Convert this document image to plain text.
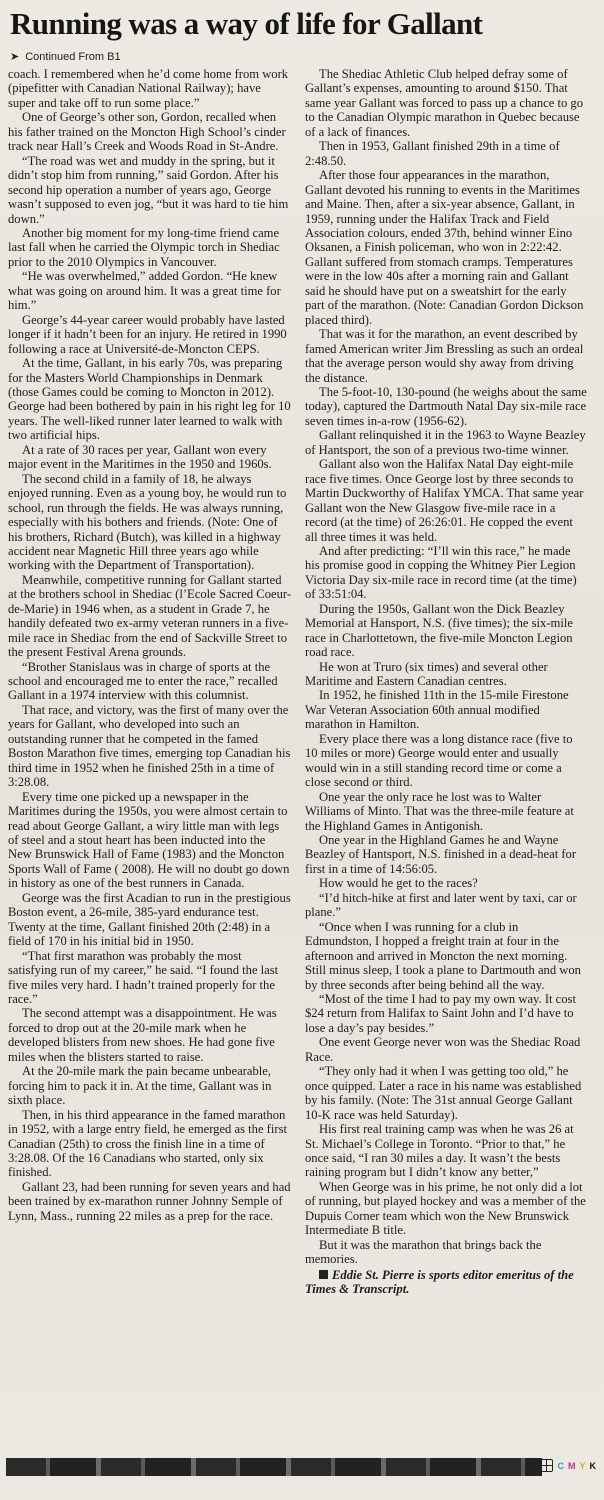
Running was a way of life for Gallant
➤ Continued From B1

coach. I remembered when he’d come home from work (pipefitter with Canadian National Railway); have super and take off to run some place.”

One of George’s other son, Gordon, recalled when his father trained on the Moncton High School’s cinder track near Hall’s Creek and Woods Road in St-Andre.

“The road was wet and muddy in the spring, but it didn’t stop him from running,” said Gordon. After his second hip operation a number of years ago, George wasn’t supposed to even jog, “but it was hard to tie him down.”

Another big moment for my long-time friend came last fall when he carried the Olympic torch in Shediac prior to the 2010 Olympics in Vancouver.

“He was overwhelmed,” added Gordon. “He knew what was going on around him. It was a great time for him.”

George’s 44-year career would probably have lasted longer if it hadn’t been for an injury. He retired in 1990 following a race at Université-de-Moncton CEPS.

At the time, Gallant, in his early 70s, was preparing for the Masters World Championships in Denmark (those Games could be coming to Moncton in 2012). George had been bothered by pain in his right leg for 10 years. The well-liked runner later learned to walk with two artificial hips.

At a rate of 30 races per year, Gallant won every major event in the Maritimes in the 1950 and 1960s.

The second child in a family of 18, he always enjoyed running. Even as a young boy, he would run to school, run through the fields. He was always running, especially with his bothers and friends. (Note: One of his brothers, Richard (Butch), was killed in a highway accident near Magnetic Hill three years ago while working with the Department of Transportation).

Meanwhile, competitive running for Gallant started at the brothers school in Shediac (l’Ecole Sacred Coeur-de-Marie) in 1946 when, as a student in Grade 7, he handily defeated two ex-army veteran runners in a five-mile race in Shediac from the end of Sackville Street to the present Festival Arena grounds.

“Brother Stanislaus was in charge of sports at the school and encouraged me to enter the race,” recalled Gallant in a 1974 interview with this columnist.

That race, and victory, was the first of many over the years for Gallant, who developed into such an outstanding runner that he competed in the famed Boston Marathon five times, emerging top Canadian his third time in 1952 when he finished 25th in a time of 3:28.08.

Every time one picked up a newspaper in the Maritimes during the 1950s, you were almost certain to read about George Gallant, a wiry little man with legs of steel and a stout heart has been inducted into the New Brunswick Hall of Fame (1983) and the Moncton Sports Wall of Fame ( 2008). He will no doubt go down in history as one of the best runners in Canada.

George was the first Acadian to run in the prestigious Boston event, a 26-mile, 385-yard endurance test. Twenty at the time, Gallant finished 20th (2:48) in a field of 170 in his initial bid in 1950.

“That first marathon was probably the most satisfying run of my career,” he said. “I found the last five miles very hard. I hadn’t trained properly for the race.”

The second attempt was a disappointment. He was forced to drop out at the 20-mile mark when he developed blisters from new shoes. He had gone five miles when the blisters started to raise.

At the 20-mile mark the pain became unbearable, forcing him to pack it in. At the time, Gallant was in sixth place.

Then, in his third appearance in the famed marathon in 1952, with a large entry field, he emerged as the first Canadian (25th) to cross the finish line in a time of 3:28.08. Of the 16 Canadians who started, only six finished.

Gallant 23, had been running for seven years and had been trained by ex-marathon runner Johnny Semple of Lynn, Mass., running 22 miles as a prep for the race.

The Shediac Athletic Club helped defray some of Gallant’s expenses, amounting to around $150. That same year Gallant was forced to pass up a chance to go to the Canadian Olympic marathon in Quebec because of a lack of finances.

Then in 1953, Gallant finished 29th in a time of 2:48.50.

After those four appearances in the marathon, Gallant devoted his running to events in the Maritimes and Maine. Then, after a six-year absence, Gallant, in 1959, running under the Halifax Track and Field Association colours, ended 37th, behind winner Eino Oksanen, a Finish policeman, who won in 2:22:42. Gallant suffered from stomach cramps. Temperatures were in the low 40s after a morning rain and Gallant said he should have put on a sweatshirt for the early part of the marathon. (Note: Canadian Gordon Dickson placed third).

That was it for the marathon, an event described by famed American writer Jim Bressling as such an ordeal that the average person would shy away from driving the distance.

The 5-foot-10, 130-pound (he weighs about the same today), captured the Dartmouth Natal Day six-mile race seven times in-a-row (1956-62).

Gallant relinquished it in the 1963 to Wayne Beazley of Hantsport, the son of a previous two-time winner.

Gallant also won the Halifax Natal Day eight-mile race five times. Once George lost by three seconds to Martin Duckworthy of Halifax YMCA. That same year Gallant won the New Glasgow five-mile race in a record (at the time) of 26:26:01. He copped the event all three times it was held.

And after predicting: “I’ll win this race,” he made his promise good in copping the Whitney Pier Legion Victoria Day six-mile race in record time (at the time) of 33:51:04.

During the 1950s, Gallant won the Dick Beazley Memorial at Hansport, N.S. (five times); the six-mile race in Charlottetown, the five-mile Moncton Legion road race.

He won at Truro (six times) and several other Maritime and Eastern Canadian centres.

In 1952, he finished 11th in the 15-mile Firestone War Veteran Association 60th annual modified marathon in Hamilton.

Every place there was a long distance race (five to 10 miles or more) George would enter and usually would win in a still standing record time or come a close second or third.

One year the only race he lost was to Walter Williams of Minto. That was the three-mile feature at the Highland Games in Antigonish.

One year in the Highland Games he and Wayne Beazley of Hantsport, N.S. finished in a dead-heat for first in a time of 14:56:05.

How would he get to the races?

“I’d hitch-hike at first and later went by taxi, car or plane.”

“Once when I was running for a club in Edmundston, I hopped a freight train at four in the afternoon and arrived in Moncton the next morning. Still minus sleep, I took a plane to Dartmouth and won by three seconds after being behind all the way.

“Most of the time I had to pay my own way. It cost $24 return from Halifax to Saint John and I’d have to lose a day’s pay besides.”

One event George never won was the Shediac Road Race.

“They only had it when I was getting too old,” he once quipped. Later a race in his name was established by his family. (Note: The 31st annual George Gallant 10-K race was held Saturday).

His first real training camp was when he was 26 at St. Michael’s College in Toronto. “Prior to that,” he once said, “I ran 30 miles a day. It wasn’t the bests raining program but I didn’t know any better,”

When George was in his prime, he not only did a lot of running, but played hockey and was a member of the Dupuis Corner team which won the New Brunswick Intermediate B title.

But it was the marathon that brings back the memories.

Eddie St. Pierre is sports editor emeritus of the Times & Transcript.

C M Y K
